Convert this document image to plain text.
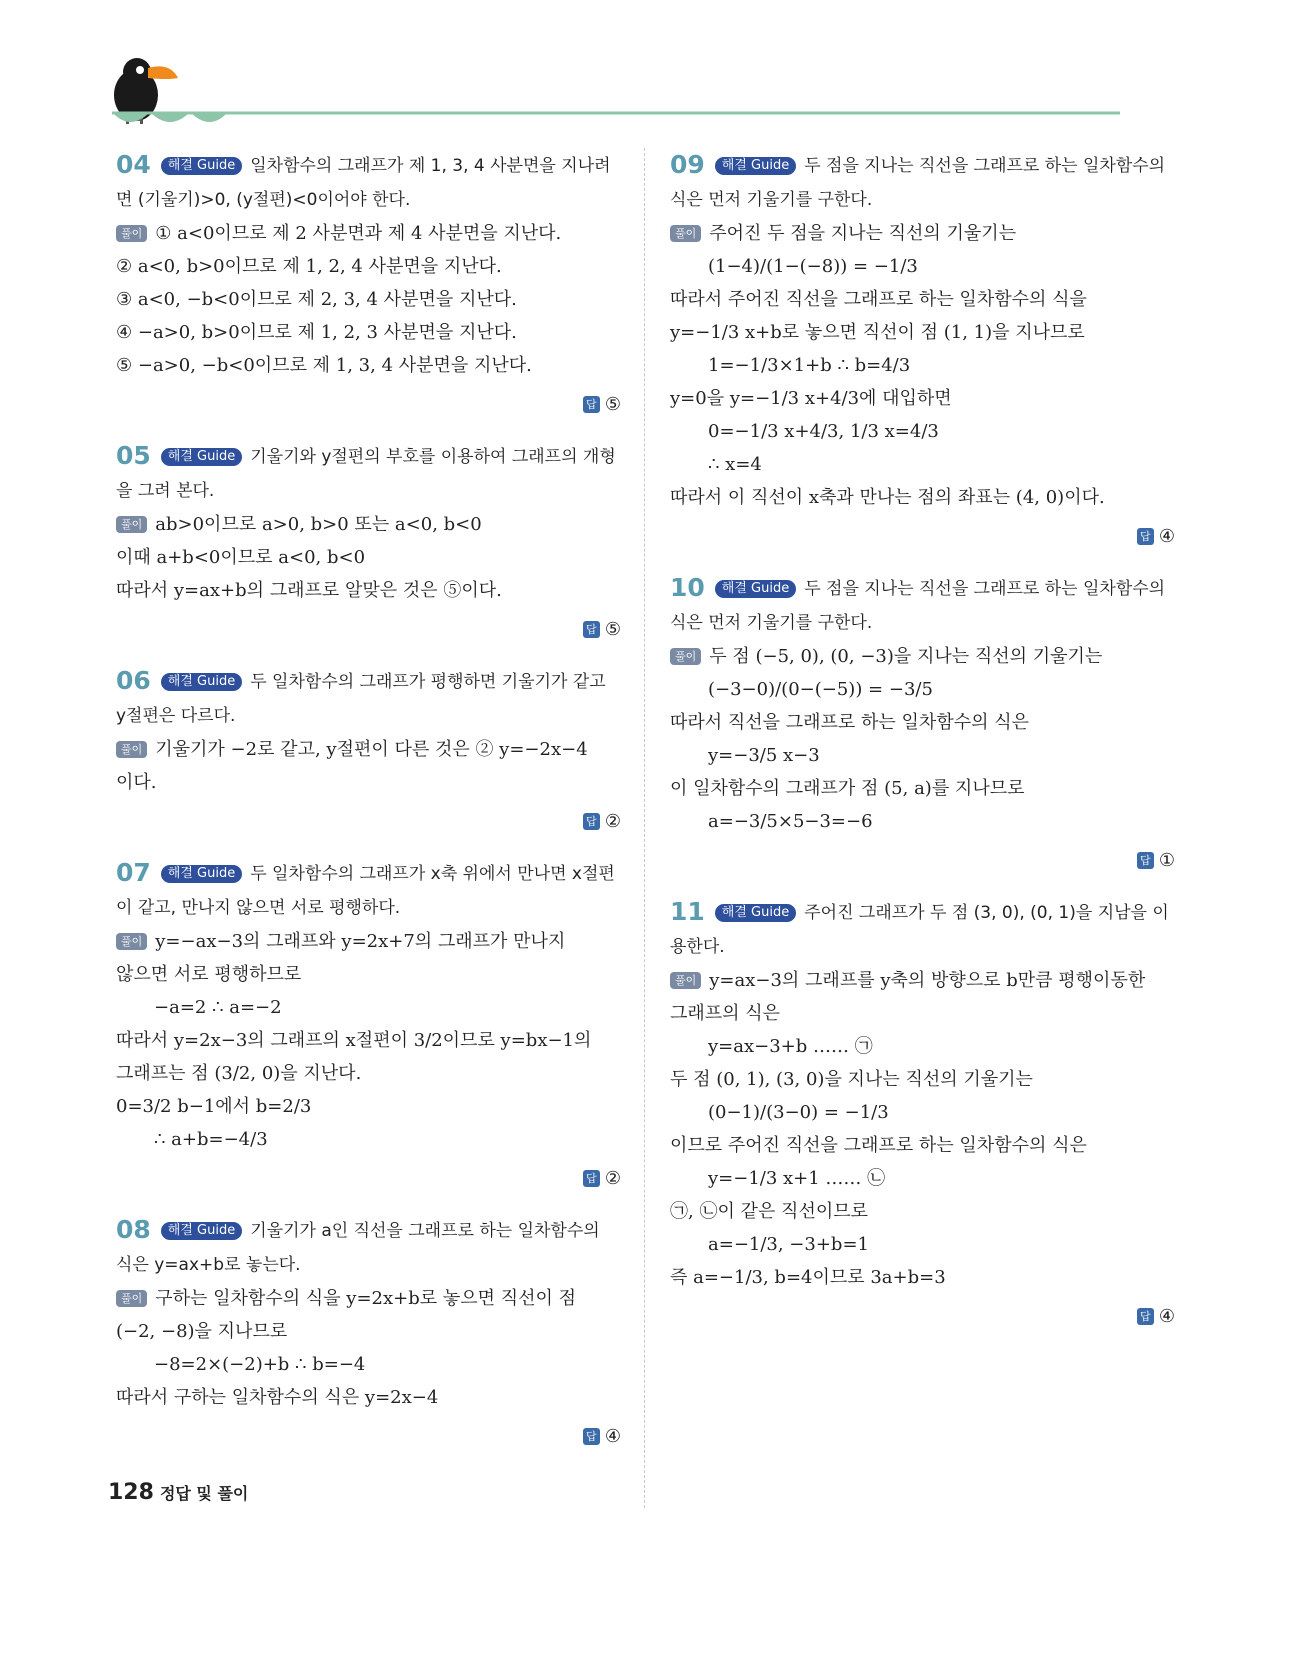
04 해결 Guide 일차함수의 그래프가 제 1, 3, 4 사분면을 지나려면 (기울기)>0, (y절편)<0이어야 한다.
풀이 ① a<0이므로 제 2 사분면과 제 4 사분면을 지난다.
② a<0, b>0이므로 제 1, 2, 4 사분면을 지난다.
③ a<0, −b<0이므로 제 2, 3, 4 사분면을 지난다.
④ −a>0, b>0이므로 제 1, 2, 3 사분면을 지난다.
⑤ −a>0, −b<0이므로 제 1, 3, 4 사분면을 지난다.
답 ⑤
05 해결 Guide 기울기와 y절편의 부호를 이용하여 그래프의 개형을 그려 본다.
풀이 ab>0이므로 a>0, b>0 또는 a<0, b<0
이때 a+b<0이므로 a<0, b<0
따라서 y=ax+b의 그래프로 알맞은 것은 ⑤이다.
답 ⑤
06 해결 Guide 두 일차함수의 그래프가 평행하면 기울기가 같고 y절편은 다르다.
풀이 기울기가 −2로 같고, y절편이 다른 것은 ② y=−2x−4
이다.
답 ②
07 해결 Guide 두 일차함수의 그래프가 x축 위에서 만나면 x절편이 같고, 만나지 않으면 서로 평행하다.
풀이 y=−ax−3의 그래프와 y=2x+7의 그래프가 만나지
않으면 서로 평행하므로
−a=2 ∴ a=−2
따라서 y=2x−3의 그래프의 x절편이 3/2이므로 y=bx−1의
그래프는 점 (3/2, 0)을 지난다.
0=3/2 b−1에서 b=2/3
∴ a+b=−4/3
답 ②
08 해결 Guide 기울기가 a인 직선을 그래프로 하는 일차함수의 식은 y=ax+b로 놓는다.
풀이 구하는 일차함수의 식을 y=2x+b로 놓으면 직선이 점
(−2, −8)을 지나므로
−8=2×(−2)+b ∴ b=−4
따라서 구하는 일차함수의 식은 y=2x−4
답 ④
09 해결 Guide 두 점을 지나는 직선을 그래프로 하는 일차함수의 식은 먼저 기울기를 구한다.
풀이 주어진 두 점을 지나는 직선의 기울기는
(1−4)/(1−(−8)) = −1/3
따라서 주어진 직선을 그래프로 하는 일차함수의 식을
y=−1/3 x+b로 놓으면 직선이 점 (1, 1)을 지나므로
1=−1/3×1+b ∴ b=4/3
y=0을 y=−1/3 x+4/3에 대입하면
0=−1/3 x+4/3, 1/3 x=4/3
∴ x=4
따라서 이 직선이 x축과 만나는 점의 좌표는 (4, 0)이다.
답 ④
10 해결 Guide 두 점을 지나는 직선을 그래프로 하는 일차함수의 식은 먼저 기울기를 구한다.
풀이 두 점 (−5, 0), (0, −3)을 지나는 직선의 기울기는
(−3−0)/(0−(−5)) = −3/5
따라서 직선을 그래프로 하는 일차함수의 식은
y=−3/5 x−3
이 일차함수의 그래프가 점 (5, a)를 지나므로
a=−3/5×5−3=−6
답 ①
11 해결 Guide 주어진 그래프가 두 점 (3, 0), (0, 1)을 지남을 이용한다.
풀이 y=ax−3의 그래프를 y축의 방향으로 b만큼 평행이동한
그래프의 식은
y=ax−3+b …… ㉠
두 점 (0, 1), (3, 0)을 지나는 직선의 기울기는
(0−1)/(3−0) = −1/3
이므로 주어진 직선을 그래프로 하는 일차함수의 식은
y=−1/3 x+1 …… ㉡
㉠, ㉡이 같은 직선이므로
a=−1/3, −3+b=1
즉 a=−1/3, b=4이므로 3a+b=3
답 ④
128 정답 및 풀이
